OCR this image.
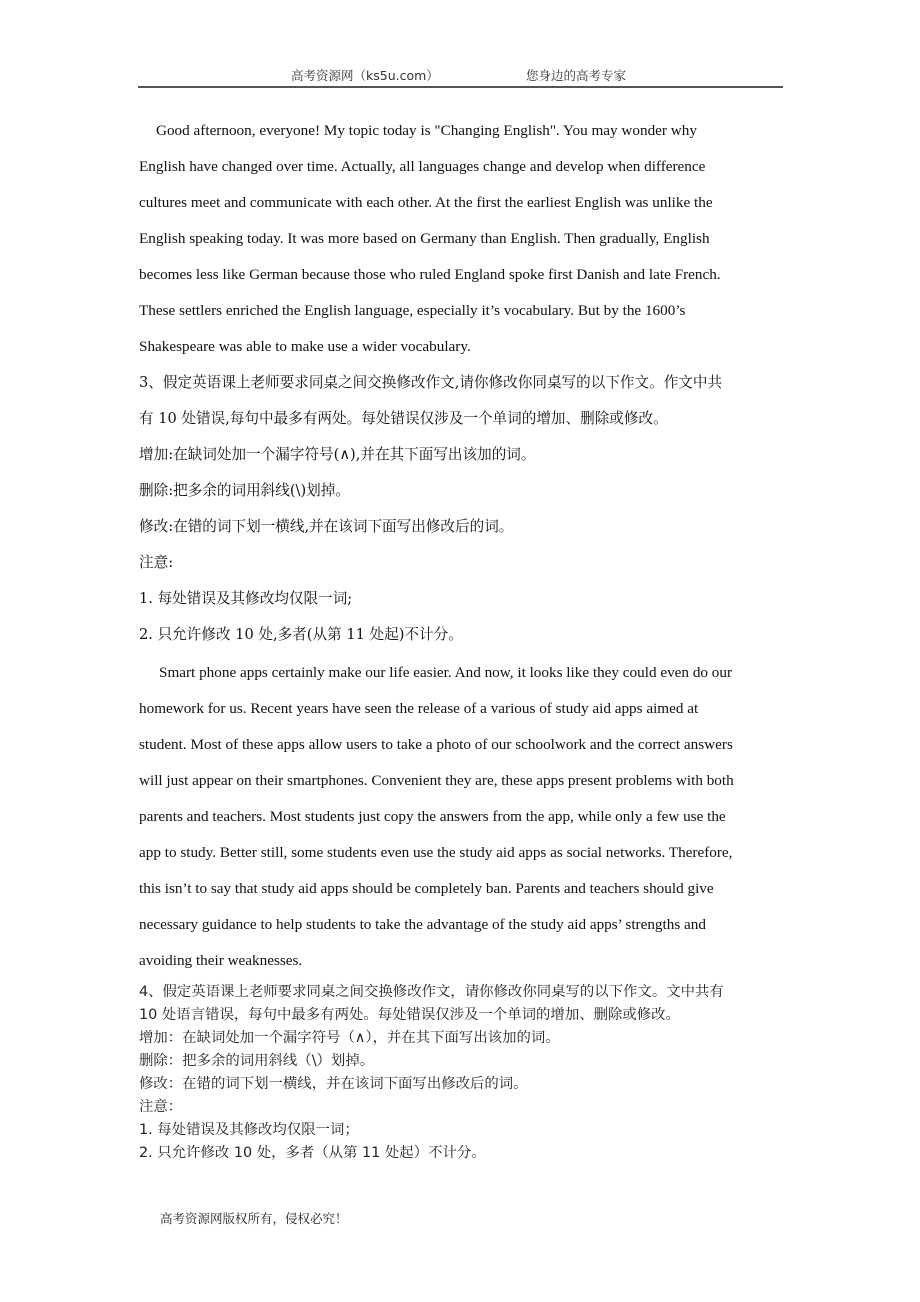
高考资源网（ks5u.com）	您身边的高考专家
Good afternoon, everyone! My topic today is "Changing English". You may wonder why
English have changed over time. Actually, all languages change and develop when difference
cultures meet and communicate with each other. At the first the earliest English was unlike the
English speaking today. It was more based on Germany than English. Then gradually, English
becomes less like German because those who ruled England spoke first Danish and late French.
These settlers enriched the English language, especially it’s vocabulary. But by the 1600’s
Shakespeare was able to make use a wider vocabulary.
3、假定英语课上老师要求同桌之间交换修改作文,请你修改你同桌写的以下作文。作文中共
有 10 处错误,每句中最多有两处。每处错误仅涉及一个单词的增加、删除或修改。
增加:在缺词处加一个漏字符号(∧),并在其下面写出该加的词。
删除:把多余的词用斜线(\)划掉。
修改:在错的词下划一横线,并在该词下面写出修改后的词。
注意:
1. 每处错误及其修改均仅限一词;
2. 只允许修改 10 处,多者(从第 11 处起)不计分。
Smart phone apps certainly make our life easier. And now, it looks like they could even do our
homework for us. Recent years have seen the release of a various of study aid apps aimed at
student. Most of these apps allow users to take a photo of our schoolwork and the correct answers
will just appear on their smartphones. Convenient they are, these apps present problems with both
parents and teachers. Most students just copy the answers from the app, while only a few use the
app to study. Better still, some students even use the study aid apps as social networks. Therefore,
this isn’t to say that study aid apps should be completely ban. Parents and teachers should give
necessary guidance to help students to take the advantage of the study aid apps’ strengths and
avoiding their weaknesses.
4、假定英语课上老师要求同桌之间交换修改作文，请你修改你同桌写的以下作文。文中共有
10 处语言错误，每句中最多有两处。每处错误仅涉及一个单词的增加、删除或修改。
增加：在缺词处加一个漏字符号（∧），并在其下面写出该加的词。
删除：把多余的词用斜线（\）划掉。
修改：在错的词下划一横线，并在该词下面写出修改后的词。
注意：
1. 每处错误及其修改均仅限一词；
2. 只允许修改 10 处，多者（从第 11 处起）不计分。
高考资源网版权所有，侵权必究！
